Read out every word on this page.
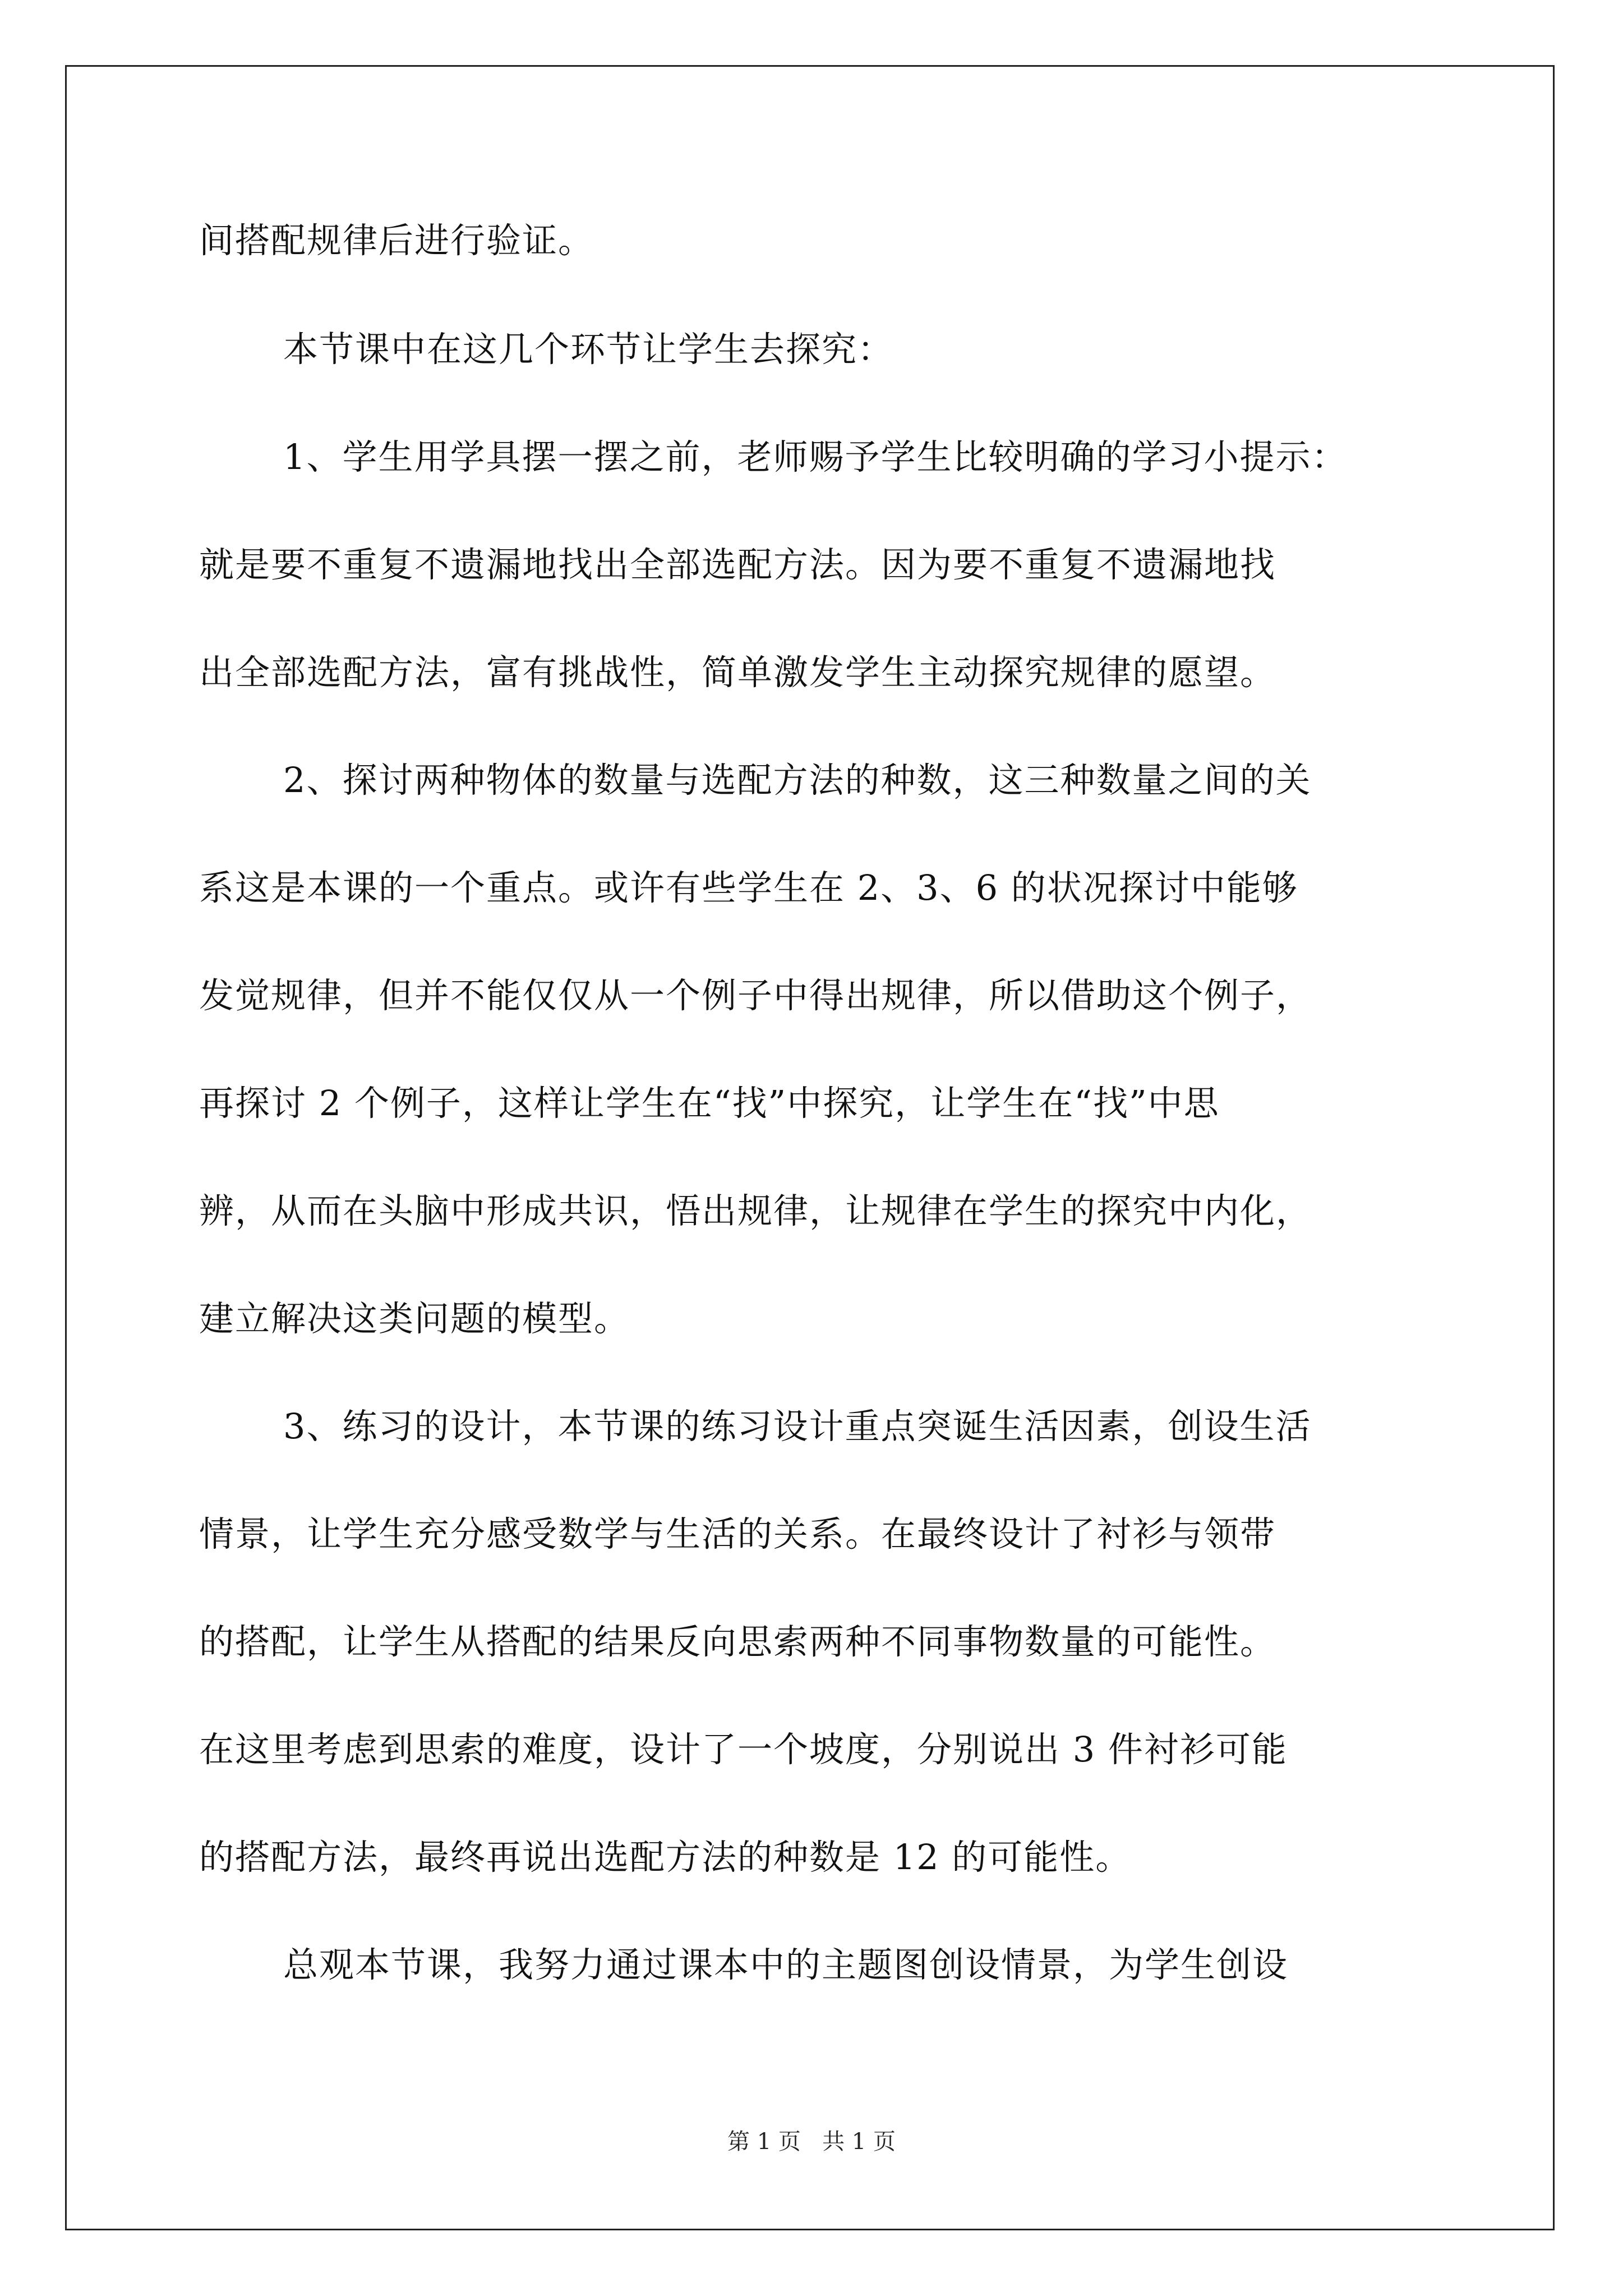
间搭配规律后进行验证。
本节课中在这几个环节让学生去探究：
1、学生用学具摆一摆之前，老师赐予学生比较明确的学习小提示：
就是要不重复不遗漏地找出全部选配方法。因为要不重复不遗漏地找
出全部选配方法，富有挑战性，简单激发学生主动探究规律的愿望。
2、探讨两种物体的数量与选配方法的种数，这三种数量之间的关
系这是本课的一个重点。或许有些学生在 2、3、6 的状况探讨中能够
发觉规律，但并不能仅仅从一个例子中得出规律，所以借助这个例子，
再探讨 2 个例子，这样让学生在“找”中探究，让学生在“找”中思
辨，从而在头脑中形成共识，悟出规律，让规律在学生的探究中内化，
建立解决这类问题的模型。
3、练习的设计，本节课的练习设计重点突诞生活因素，创设生活
情景，让学生充分感受数学与生活的关系。在最终设计了衬衫与领带
的搭配，让学生从搭配的结果反向思索两种不同事物数量的可能性。
在这里考虑到思索的难度，设计了一个坡度，分别说出 3 件衬衫可能
的搭配方法，最终再说出选配方法的种数是 12 的可能性。
总观本节课，我努力通过课本中的主题图创设情景，为学生创设
第 1 页   共 1 页
